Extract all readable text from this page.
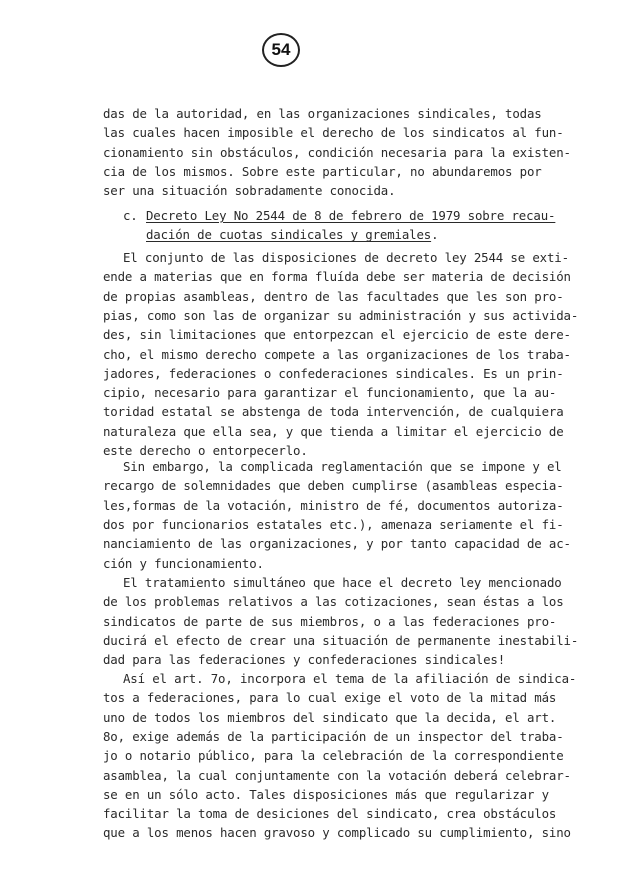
54
das de la autoridad, en las organizaciones sindicales, todas
las cuales hacen imposible el derecho de los sindicatos al fun-
cionamiento sin obstáculos, condición necesaria para la existen-
cia de los mismos. Sobre este particular, no abundaremos por
ser una situación sobradamente conocida.
c. Decreto Ley No 2544 de 8 de febrero de 1979 sobre recau-
dación de cuotas sindicales y gremiales.
El conjunto de las disposiciones de decreto ley 2544 se exti-
ende a materias que en forma fluída debe ser materia de decisión
de propias asambleas, dentro de las facultades que les son pro-
pias, como son las de organizar su administración y sus activida-
des, sin limitaciones que entorpezcan el ejercicio de este dere-
cho, el mismo derecho compete a las organizaciones de los traba-
jadores, federaciones o confederaciones sindicales. Es un prin-
cipio, necesario para garantizar el funcionamiento, que la au-
toridad estatal se abstenga de toda intervención, de cualquiera
naturaleza que ella sea, y que tienda a limitar el ejercicio de
este derecho o entorpecerlo.
Sin embargo, la complicada reglamentación que se impone y el
recargo de solemnidades que deben cumplirse (asambleas especia-
les,formas de la votación, ministro de fé, documentos autoriza-
dos por funcionarios estatales etc.), amenaza seriamente el fi-
nanciamiento de las organizaciones, y por tanto capacidad de ac-
ción y funcionamiento.
El tratamiento simultáneo que hace el decreto ley mencionado
de los problemas relativos a las cotizaciones, sean éstas a los
sindicatos de parte de sus miembros, o a las federaciones pro-
ducirá el efecto de crear una situación de permanente inestabili-
dad para las federaciones y confederaciones sindicales!
Así el art. 7o, incorpora el tema de la afiliación de sindica-
tos a federaciones, para lo cual exige el voto de la mitad más
uno de todos los miembros del sindicato que la decida, el art.
8o, exige además de la participación de un inspector del traba-
jo o notario público, para la celebración de la correspondiente
asamblea, la cual conjuntamente con la votación deberá celebrar-
se en un sólo acto. Tales disposiciones más que regularizar y
facilitar la toma de desiciones del sindicato, crea obstáculos
que a los menos hacen gravoso y complicado su cumplimiento, sino
